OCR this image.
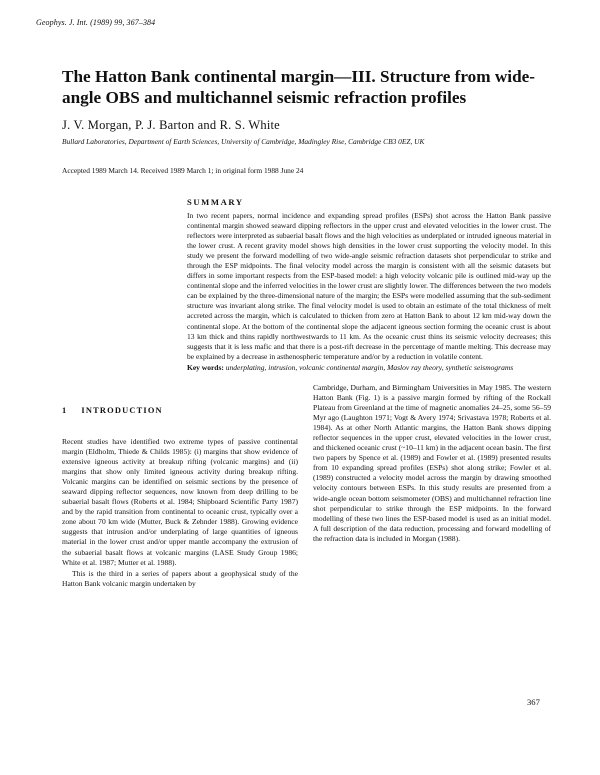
Geophys. J. Int. (1989) 99, 367–384
The Hatton Bank continental margin—III. Structure from wide-angle OBS and multichannel seismic refraction profiles
J. V. Morgan, P. J. Barton and R. S. White
Bullard Laboratories, Department of Earth Sciences, University of Cambridge, Madingley Rise, Cambridge CB3 0EZ, UK
Accepted 1989 March 14. Received 1989 March 1; in original form 1988 June 24
SUMMARY

In two recent papers, normal incidence and expanding spread profiles (ESPs) shot across the Hatton Bank passive continental margin showed seaward dipping reflectors in the upper crust and elevated velocities in the lower crust. The reflectors were interpreted as subaerial basalt flows and the high velocities as underplated or intruded igneous material in the lower crust. A recent gravity model shows high densities in the lower crust supporting the velocity model. In this study we present the forward modelling of two wide-angle seismic refraction datasets shot perpendicular to strike and through the ESP midpoints. The final velocity model across the margin is consistent with all the seismic datasets but differs in some important respects from the ESP-based model: a high velocity volcanic pile is outlined mid-way up the continental slope and the inferred velocities in the lower crust are slightly lower. The differences between the two models can be explained by the three-dimensional nature of the margin; the ESPs were modelled assuming that the sub-sediment structure was invariant along strike. The final velocity model is used to obtain an estimate of the total thickness of melt accreted across the margin, which is calculated to thicken from zero at Hatton Bank to about 12 km mid-way down the continental slope. At the bottom of the continental slope the adjacent igneous section forming the oceanic crust is about 13 km thick and thins rapidly northwestwards to 11 km. As the oceanic crust thins its seismic velocity decreases; this suggests that it is less mafic and that there is a post-rift decrease in the percentage of mantle melting. This decrease may be explained by a decrease in asthenospheric temperature and/or by a reduction in volatile content.

Key words: underplating, intrusion, volcanic continental margin, Maslov ray theory, synthetic seismograms

1 INTRODUCTION

Recent studies have identified two extreme types of passive continental margin (Eldholm, Thiede & Childs 1985): (i) margins that show evidence of extensive igneous activity at breakup rifting (volcanic margins) and (ii) margins that show only limited igneous activity during breakup rifting. Volcanic margins can be identified on seismic sections by the presence of seaward dipping reflector sequences, now known from deep drilling to be subaerial basalt flows (Roberts et al. 1984; Shipboard Scientific Party 1987) and by the rapid transition from continental to oceanic crust, typically over a zone about 70 km wide (Mutter, Buck & Zehnder 1988). Growing evidence suggests that intrusion and/or underplating of large quantities of igneous material in the lower crust and/or upper mantle accompany the extrusion of the subaerial basalt flows at volcanic margins (LASE Study Group 1986; White et al. 1987; Mutter et al. 1988).

This is the third in a series of papers about a geophysical study of the Hatton Bank volcanic margin undertaken by

Cambridge, Durham, and Birmingham Universities in May 1985. The western Hatton Bank (Fig. 1) is a passive margin formed by rifting of the Rockall Plateau from Greenland at the time of magnetic anomalies 24–25, some 56–59 Myr ago (Laughton 1971; Vogt & Avery 1974; Srivastava 1978; Roberts et al. 1984). As at other North Atlantic margins, the Hatton Bank shows dipping reflector sequences in the upper crust, elevated velocities in the lower crust, and thickened oceanic crust (~10–11 km) in the adjacent ocean basin. The first two papers by Spence et al. (1989) and Fowler et al. (1989) presented results from 10 expanding spread profiles (ESPs) shot along strike; Fowler et al. (1989) constructed a velocity model across the margin by drawing smoothed velocity contours between ESPs. In this study results are presented from a wide-angle ocean bottom seismometer (OBS) and multichannel refraction line shot perpendicular to strike through the ESP midpoints. In the forward modelling of these two lines the ESP-based model is used as an initial model. A full description of the data reduction, processing and forward modelling of the refraction data is included in Morgan (1988).

367
